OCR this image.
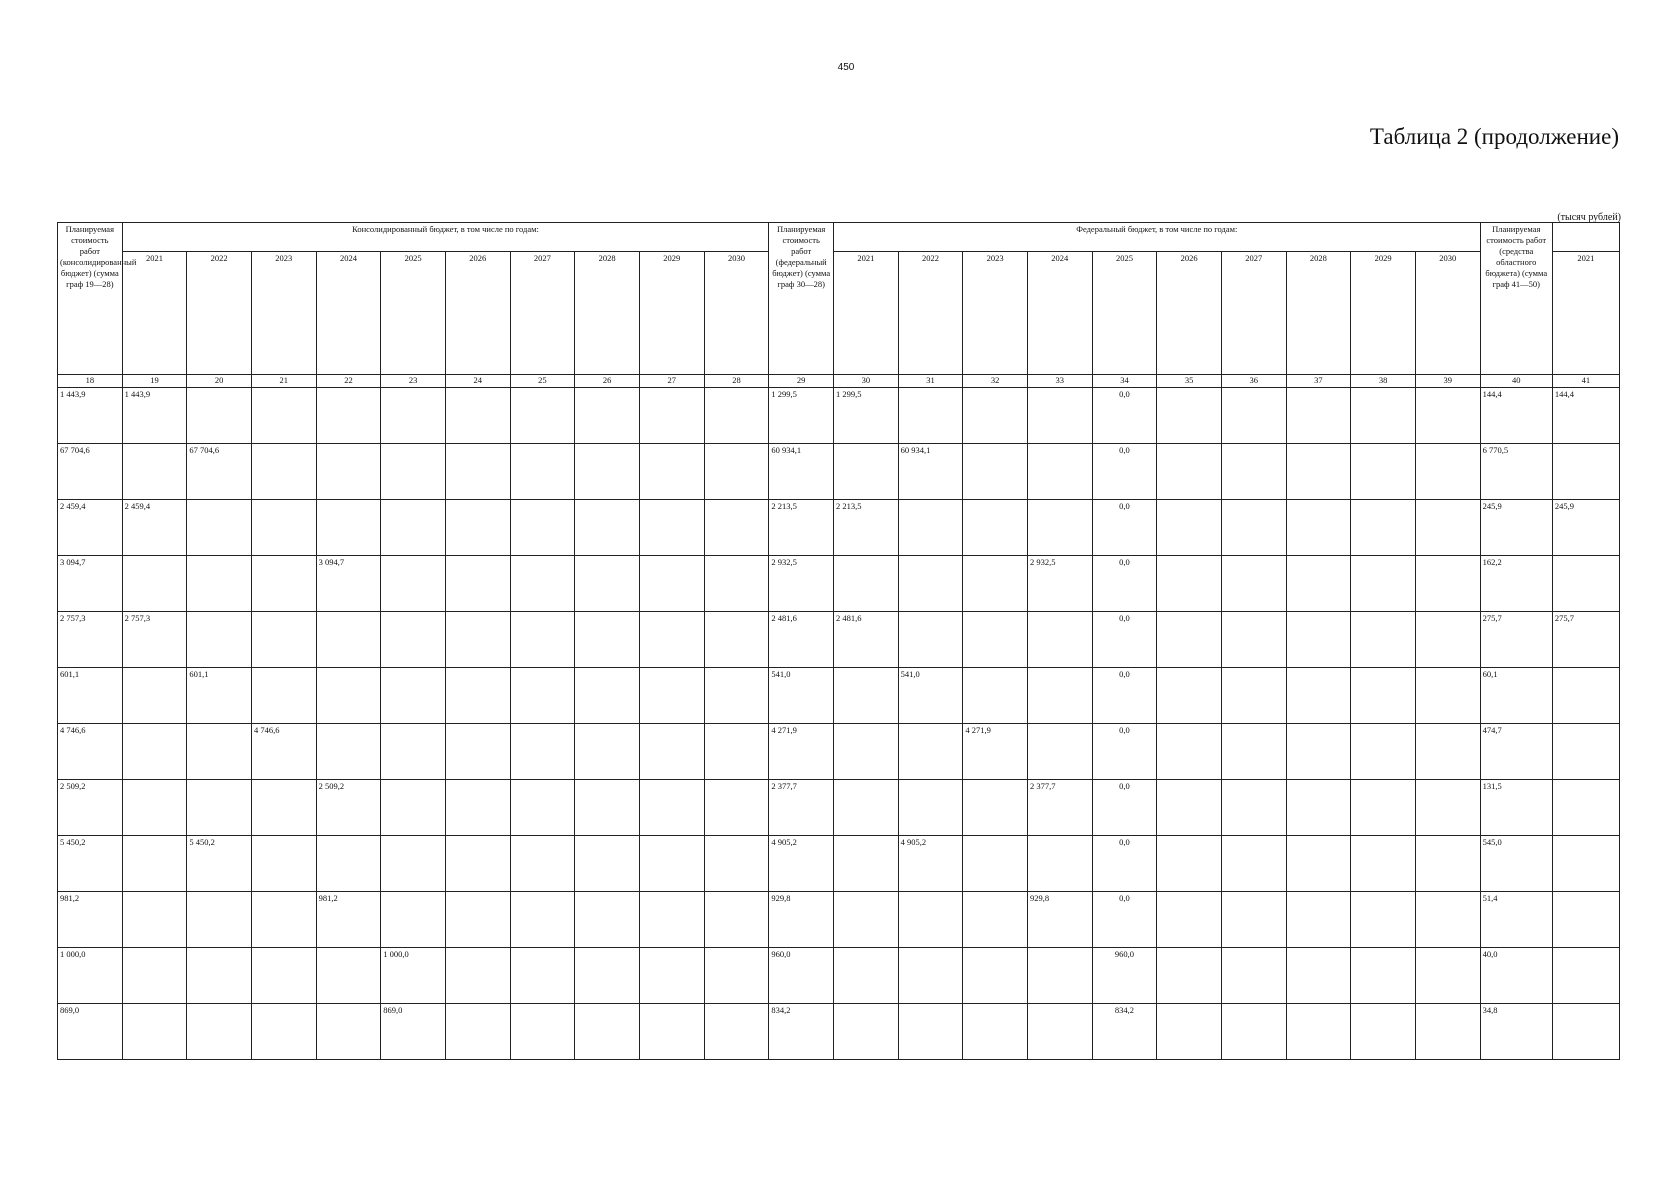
450
Таблица 2 (продолжение)
(тысяч рублей)
Планируемая стоимость работ (консолидированный бюджет) (сумма граф 19—28)	Консолидированный бюджет, в том числе по годам:										Планируемая стоимость работ (федеральный бюджет) (сумма граф 30—28)	Федеральный бюджет, в том числе по годам:										Планируемая стоимость работ (средства областного бюджета) (сумма граф 41—50)	
	2021	2022	2023	2024	2025	2026	2027	2028	2029	2030		2021	2022	2023	2024	2025	2026	2027	2028	2029	2030		2021
18	19	20	21	22	23	24	25	26	27	28	29	30	31	32	33	34	35	36	37	38	39	40	41
1 443,9	1 443,9										1 299,5	1 299,5				0,0						144,4	144,4
67 704,6		67 704,6									60 934,1		60 934,1			0,0						6 770,5	
2 459,4	2 459,4										2 213,5	2 213,5				0,0						245,9	245,9
3 094,7				3 094,7							2 932,5				2 932,5	0,0						162,2	
2 757,3	2 757,3										2 481,6	2 481,6				0,0						275,7	275,7
601,1		601,1									541,0		541,0			0,0						60,1	
4 746,6			4 746,6								4 271,9			4 271,9		0,0						474,7	
2 509,2				2 509,2							2 377,7				2 377,7	0,0						131,5	
5 450,2		5 450,2									4 905,2		4 905,2			0,0						545,0	
981,2				981,2							929,8				929,8	0,0						51,4	
1 000,0					1 000,0						960,0					960,0						40,0	
869,0					869,0						834,2					834,2						34,8	
